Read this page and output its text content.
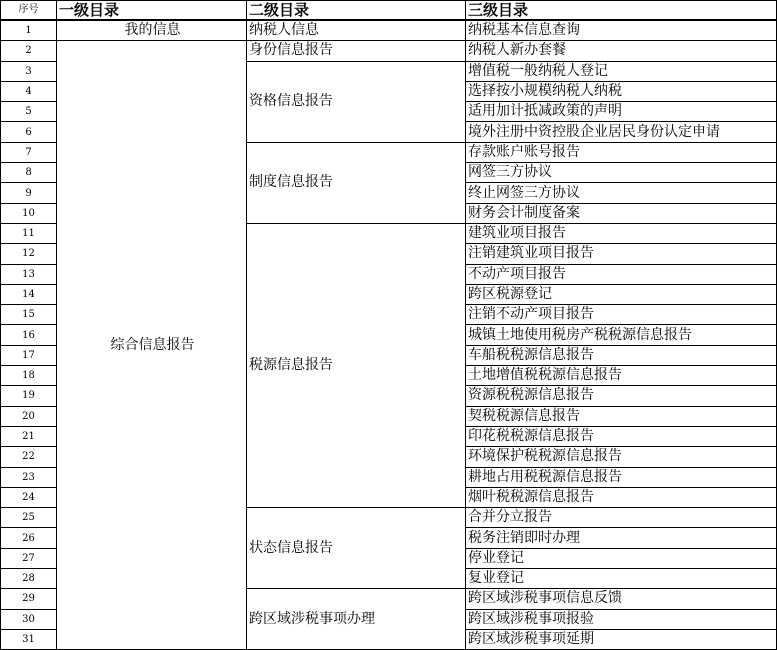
序号	一级目录	二级目录	三级目录
1	我的信息	纳税人信息	纳税基本信息查询
2	综合信息报告	身份信息报告	纳税人新办套餐
3		资格信息报告	增值税一般纳税人登记
4			选择按小规模纳税人纳税
5			适用加计抵减政策的声明
6			境外注册中资控股企业居民身份认定申请
7		制度信息报告	存款账户账号报告
8			网签三方协议
9			终止网签三方协议
10			财务会计制度备案
11		税源信息报告	建筑业项目报告
12			注销建筑业项目报告
13			不动产项目报告
14			跨区税源登记
15			注销不动产项目报告
16			城镇土地使用税房产税税源信息报告
17			车船税税源信息报告
18			土地增值税税源信息报告
19			资源税税源信息报告
20			契税税源信息报告
21			印花税税源信息报告
22			环境保护税税源信息报告
23			耕地占用税税源信息报告
24			烟叶税税源信息报告
25		状态信息报告	合并分立报告
26			税务注销即时办理
27			停业登记
28			复业登记
29		跨区域涉税事项办理	跨区域涉税事项信息反馈
30			跨区域涉税事项报验
31			跨区域涉税事项延期
